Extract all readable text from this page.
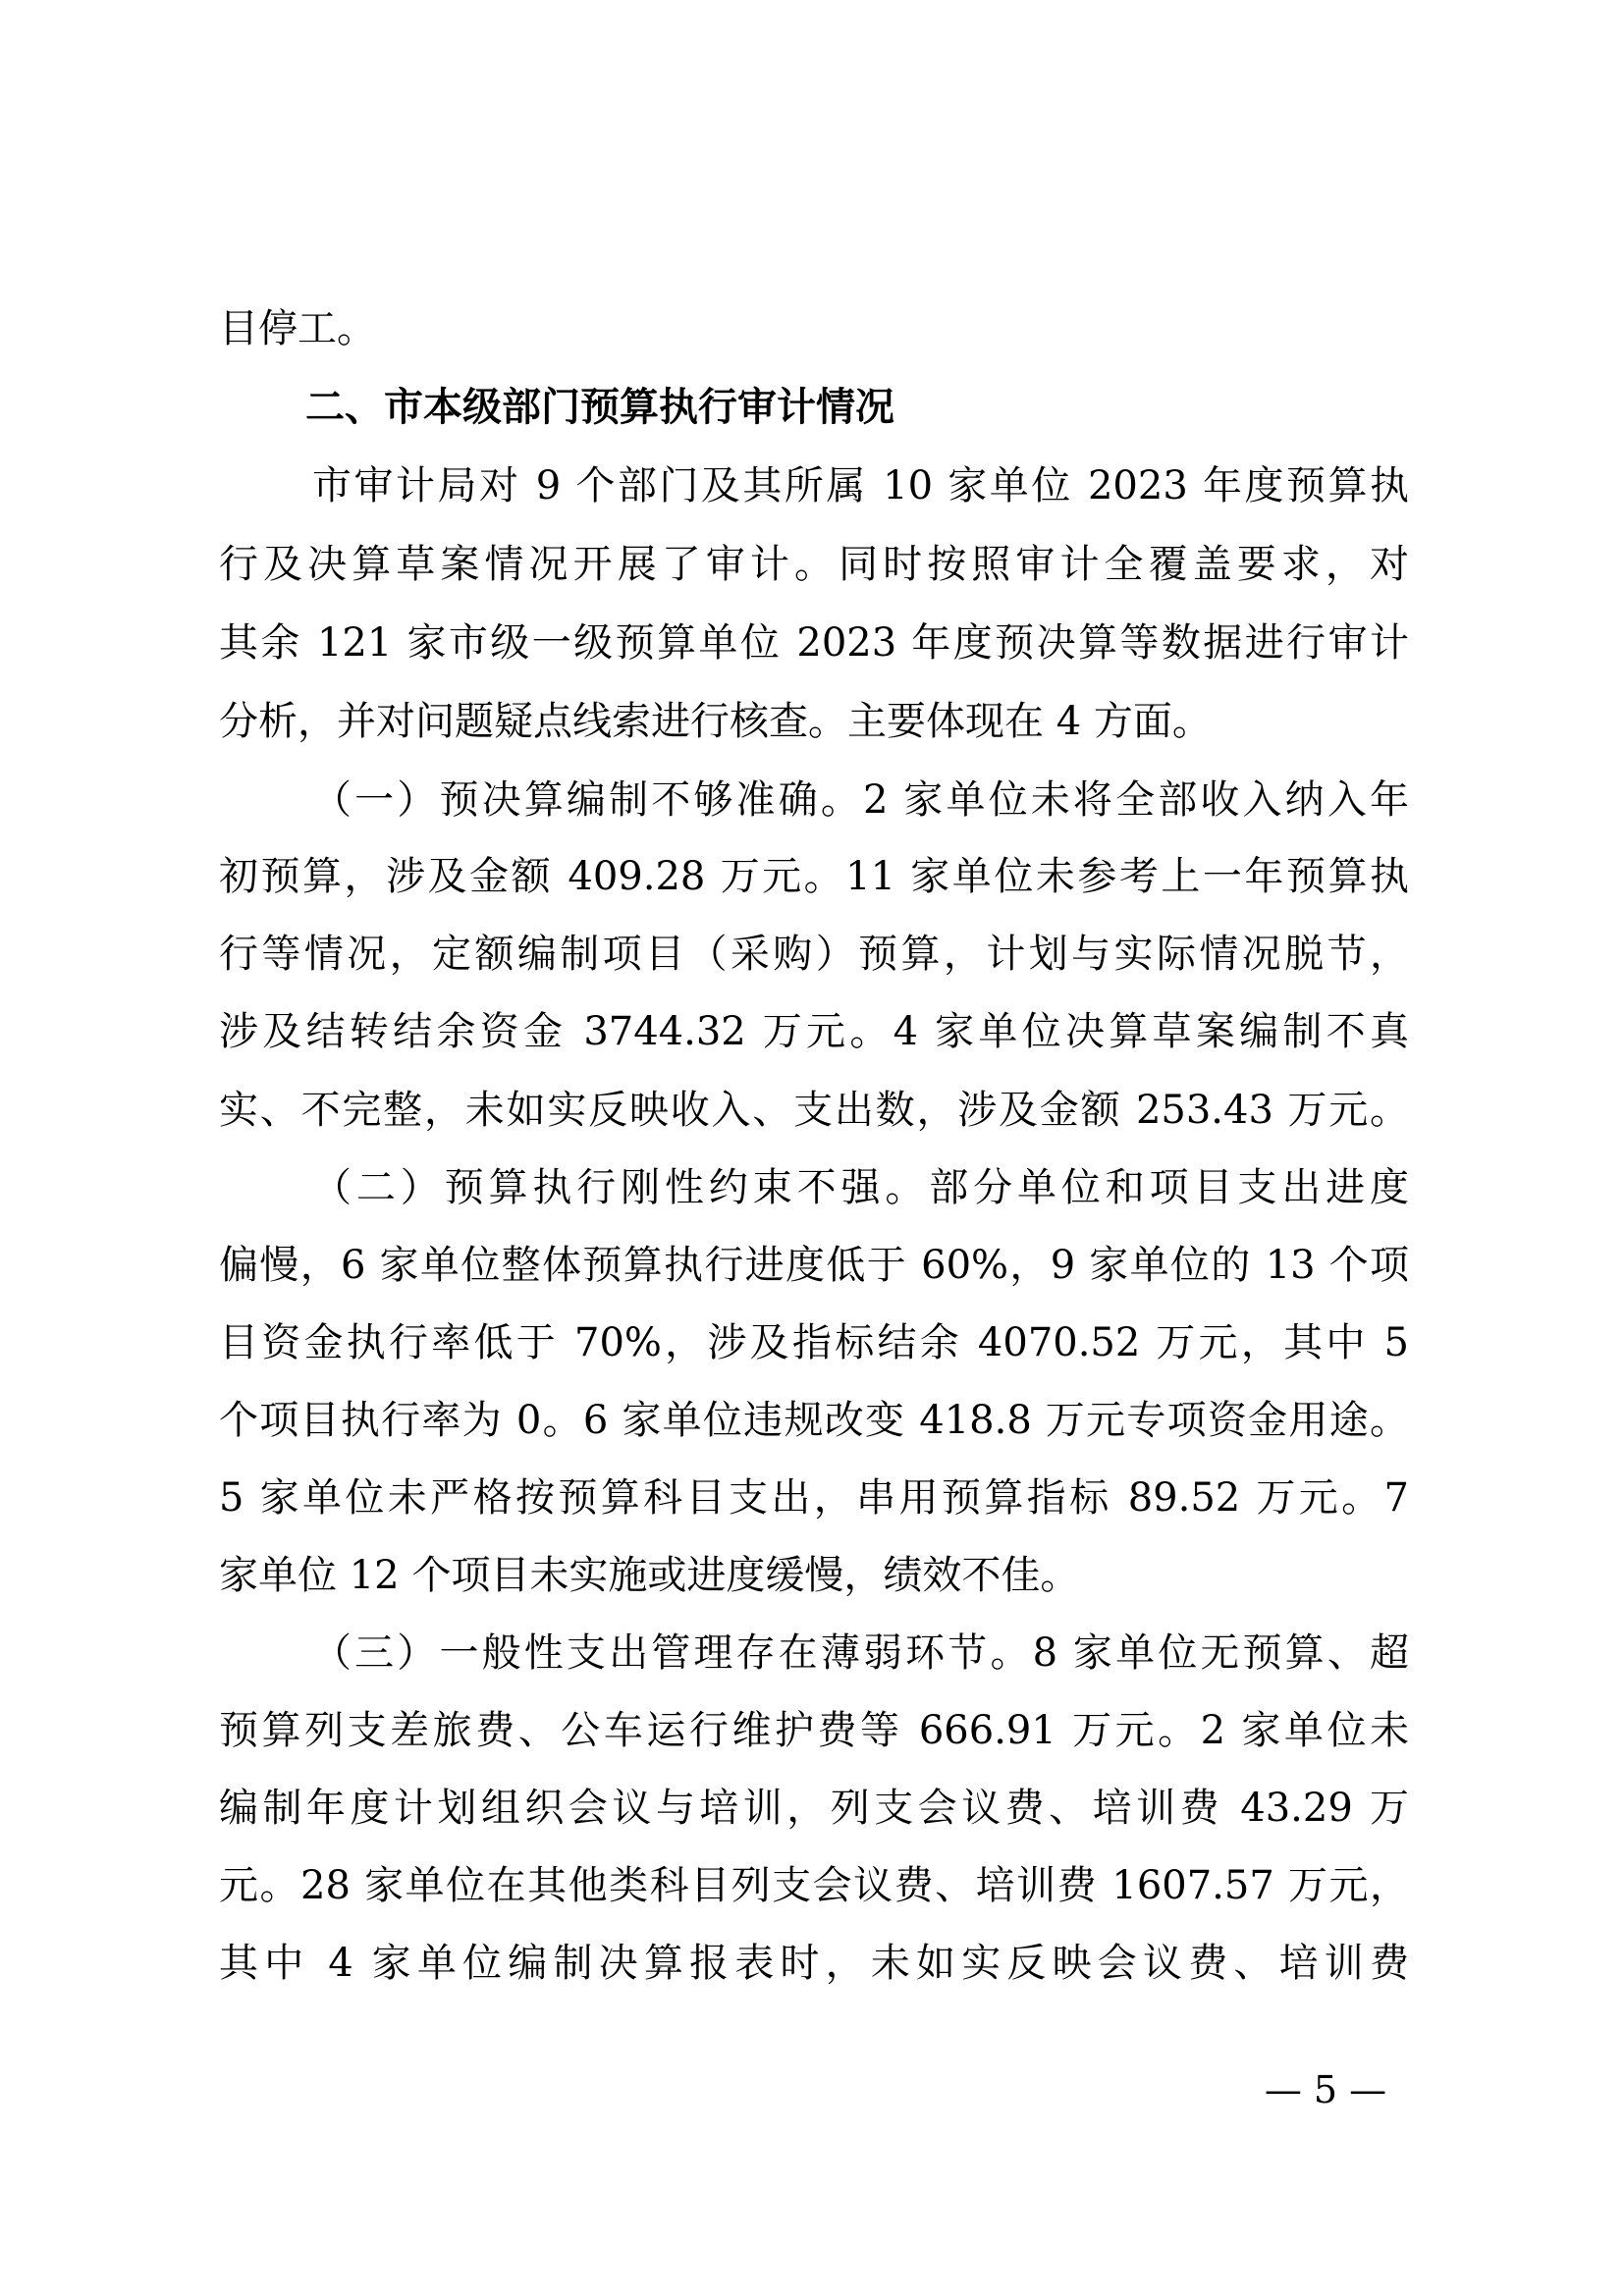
目停工。
二、市本级部门预算执行审计情况
市审计局对 9 个部门及其所属 10 家单位 2023 年度预算执
行及决算草案情况开展了审计。同时按照审计全覆盖要求，对
其余 121 家市级一级预算单位 2023 年度预决算等数据进行审计
分析，并对问题疑点线索进行核查。主要体现在 4 方面。
（一）预决算编制不够准确。2 家单位未将全部收入纳入年
初预算，涉及金额 409.28 万元。11 家单位未参考上一年预算执
行等情况，定额编制项目（采购）预算，计划与实际情况脱节，
涉及结转结余资金 3744.32 万元。4 家单位决算草案编制不真
实、不完整，未如实反映收入、支出数，涉及金额 253.43 万元。
（二）预算执行刚性约束不强。部分单位和项目支出进度
偏慢，6 家单位整体预算执行进度低于 60%，9 家单位的 13 个项
目资金执行率低于 70%，涉及指标结余 4070.52 万元，其中 5
个项目执行率为 0。6 家单位违规改变 418.8 万元专项资金用途。
5 家单位未严格按预算科目支出，串用预算指标 89.52 万元。7
家单位 12 个项目未实施或进度缓慢，绩效不佳。
（三）一般性支出管理存在薄弱环节。8 家单位无预算、超
预算列支差旅费、公车运行维护费等 666.91 万元。2 家单位未
编制年度计划组织会议与培训，列支会议费、培训费 43.29 万
元。28 家单位在其他类科目列支会议费、培训费 1607.57 万元，
其中 4 家单位编制决算报表时，未如实反映会议费、培训费
— 5 —
